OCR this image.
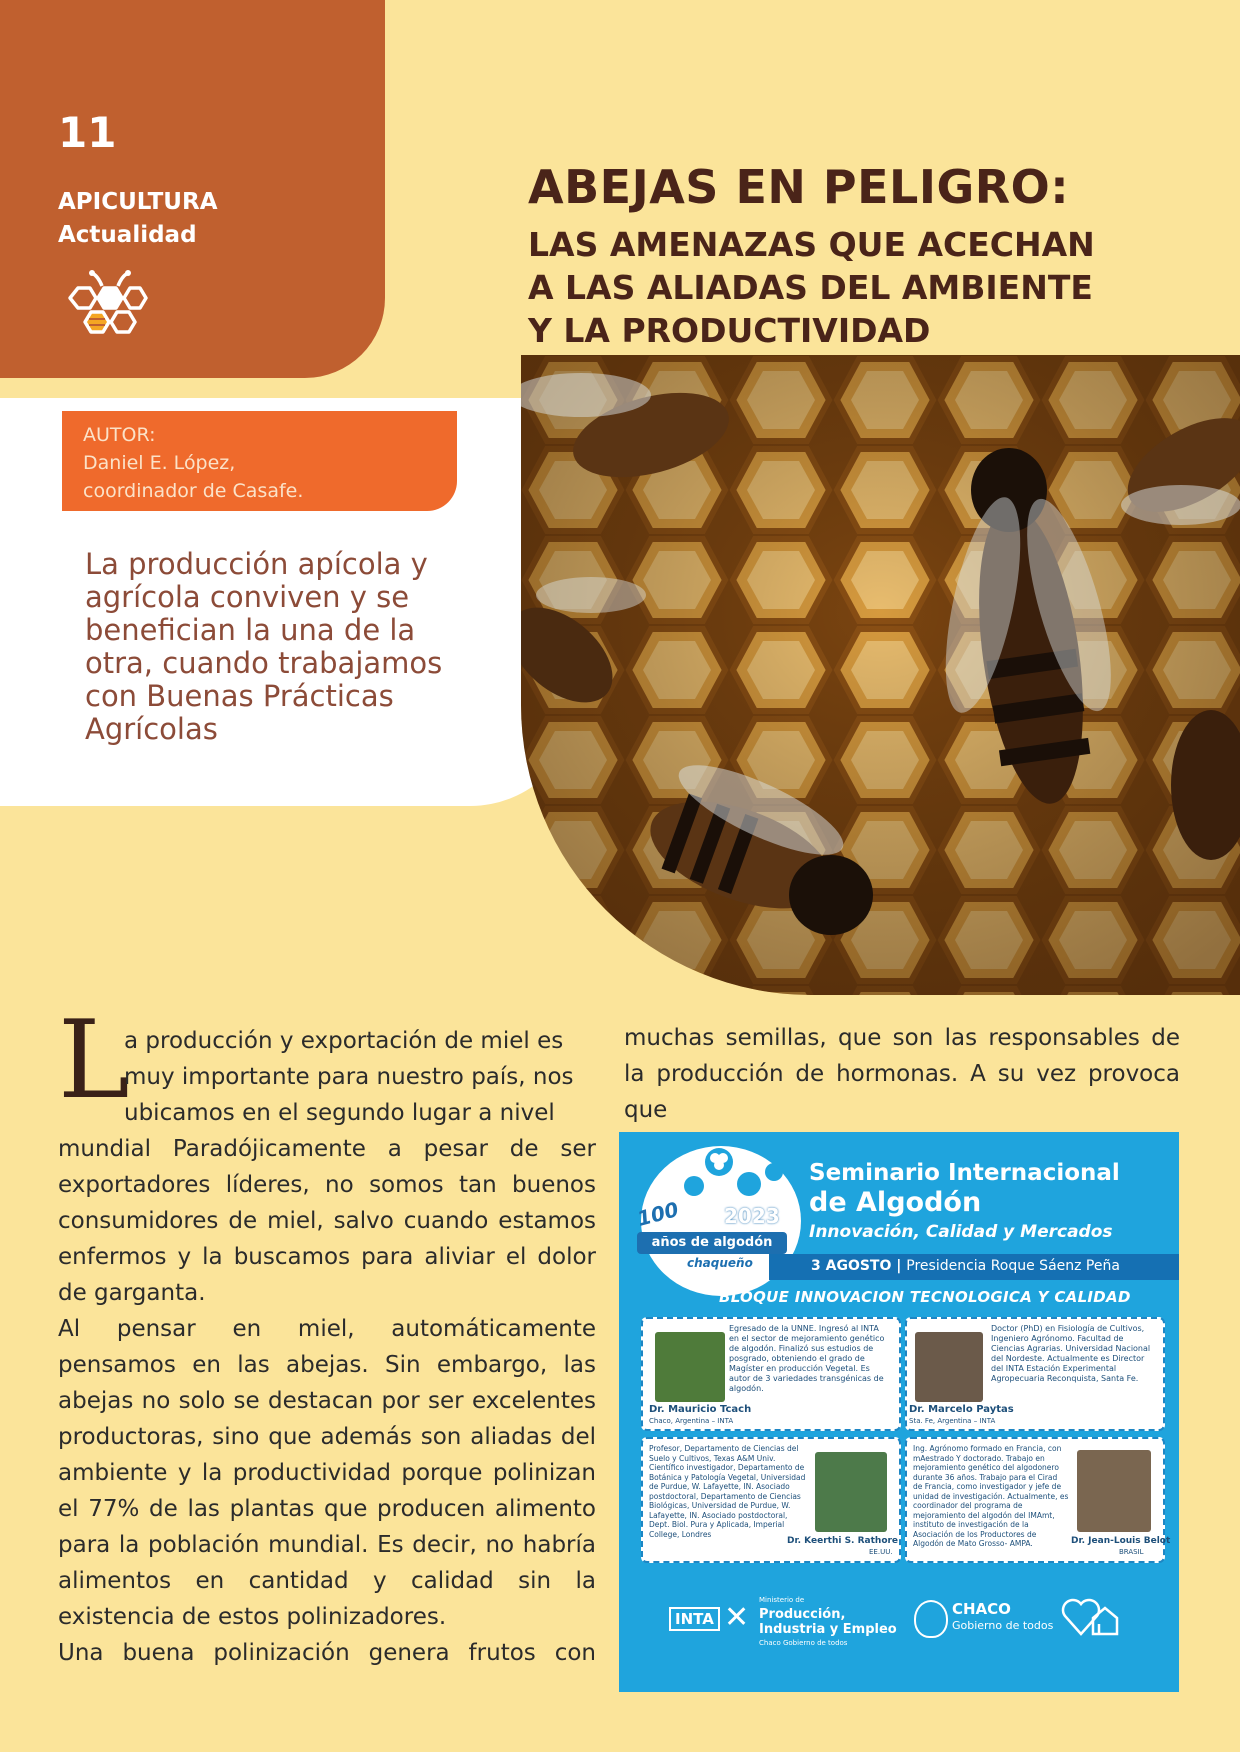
11
APICULTURA
Actualidad
ABEJAS EN PELIGRO:
LAS AMENAZAS QUE ACECHAN
A LAS ALIADAS DEL AMBIENTE
Y LA PRODUCTIVIDAD
AUTOR:
Daniel E. López,
coordinador de Casafe.
La producción apícola y agrícola conviven y se benefician la una de la otra, cuando trabajamos con Buenas Prácticas Agrícolas
L

a producción y exportación de miel es
muy importante para nuestro país, nos
ubicamos en el segundo lugar a nivel
mundial Paradójicamente a pesar de ser exportadores líderes, no somos tan buenos consumidores de miel, salvo cuando estamos enfermos y la buscamos para aliviar el dolor de garganta.

Al pensar en miel, automáticamente pensamos en las abejas. Sin embargo, las abejas no solo se destacan por ser excelentes productoras, sino que además son aliadas del ambiente y la productividad porque polinizan el 77% de las plantas que producen alimento para la población mundial. Es decir, no habría alimentos en cantidad y calidad sin la existencia de estos polinizadores.

Una buena polinización genera frutos con

muchas semillas, que son las responsables de la producción de hormonas. A su vez provoca que

100 2023
años de algodón
chaqueño
Seminario Internacional
de Algodón
Innovación, Calidad y Mercados
3 AGOSTO | Presidencia Roque Sáenz Peña
BLOQUE INNOVACION TECNOLOGICA Y CALIDAD
Dr. Mauricio Tcach
Chaco, Argentina – INTA
Egresado de la UNNE. Ingresó al INTA en el sector de mejoramiento genético de algodón. Finalizó sus estudios de posgrado, obteniendo el grado de Magíster en producción Vegetal. Es autor de 3 variedades transgénicas de algodón.
Dr. Marcelo Paytas
Sta. Fe, Argentina – INTA
Doctor (PhD) en Fisiología de Cultivos, Ingeniero Agrónomo. Facultad de Ciencias Agrarias. Universidad Nacional del Nordeste. Actualmente es Director del INTA Estación Experimental Agropecuaria Reconquista, Santa Fe.
Profesor, Departamento de Ciencias del Suelo y Cultivos, Texas A&M Univ. Científico investigador, Departamento de Botánica y Patología Vegetal, Universidad de Purdue, W. Lafayette, IN. Asociado postdoctoral, Departamento de Ciencias Biológicas, Universidad de Purdue, W. Lafayette, IN. Asociado postdoctoral, Dept. Biol. Pura y Aplicada, Imperial College, Londres
Dr. Keerthi S. Rathore
EE.UU.
Ing. Agrónomo formado en Francia, con mAestrado Y doctorado. Trabajo en mejoramiento genético del algodonero durante 36 años. Trabajo para el Cirad de Francia, como investigador y jefe de unidad de investigación. Actualmente, es coordinador del programa de mejoramiento del algodón del IMAmt, instituto de investigación de la Asociación de los Productores de Algodón de Mato Grosso- AMPA.	Dr. Jean-Louis Belot
BRASIL
INTA ✕ Ministerio de
Producción,
Industria y Empleo
Chaco Gobierno de todos
CHACO
Gobierno de todos
